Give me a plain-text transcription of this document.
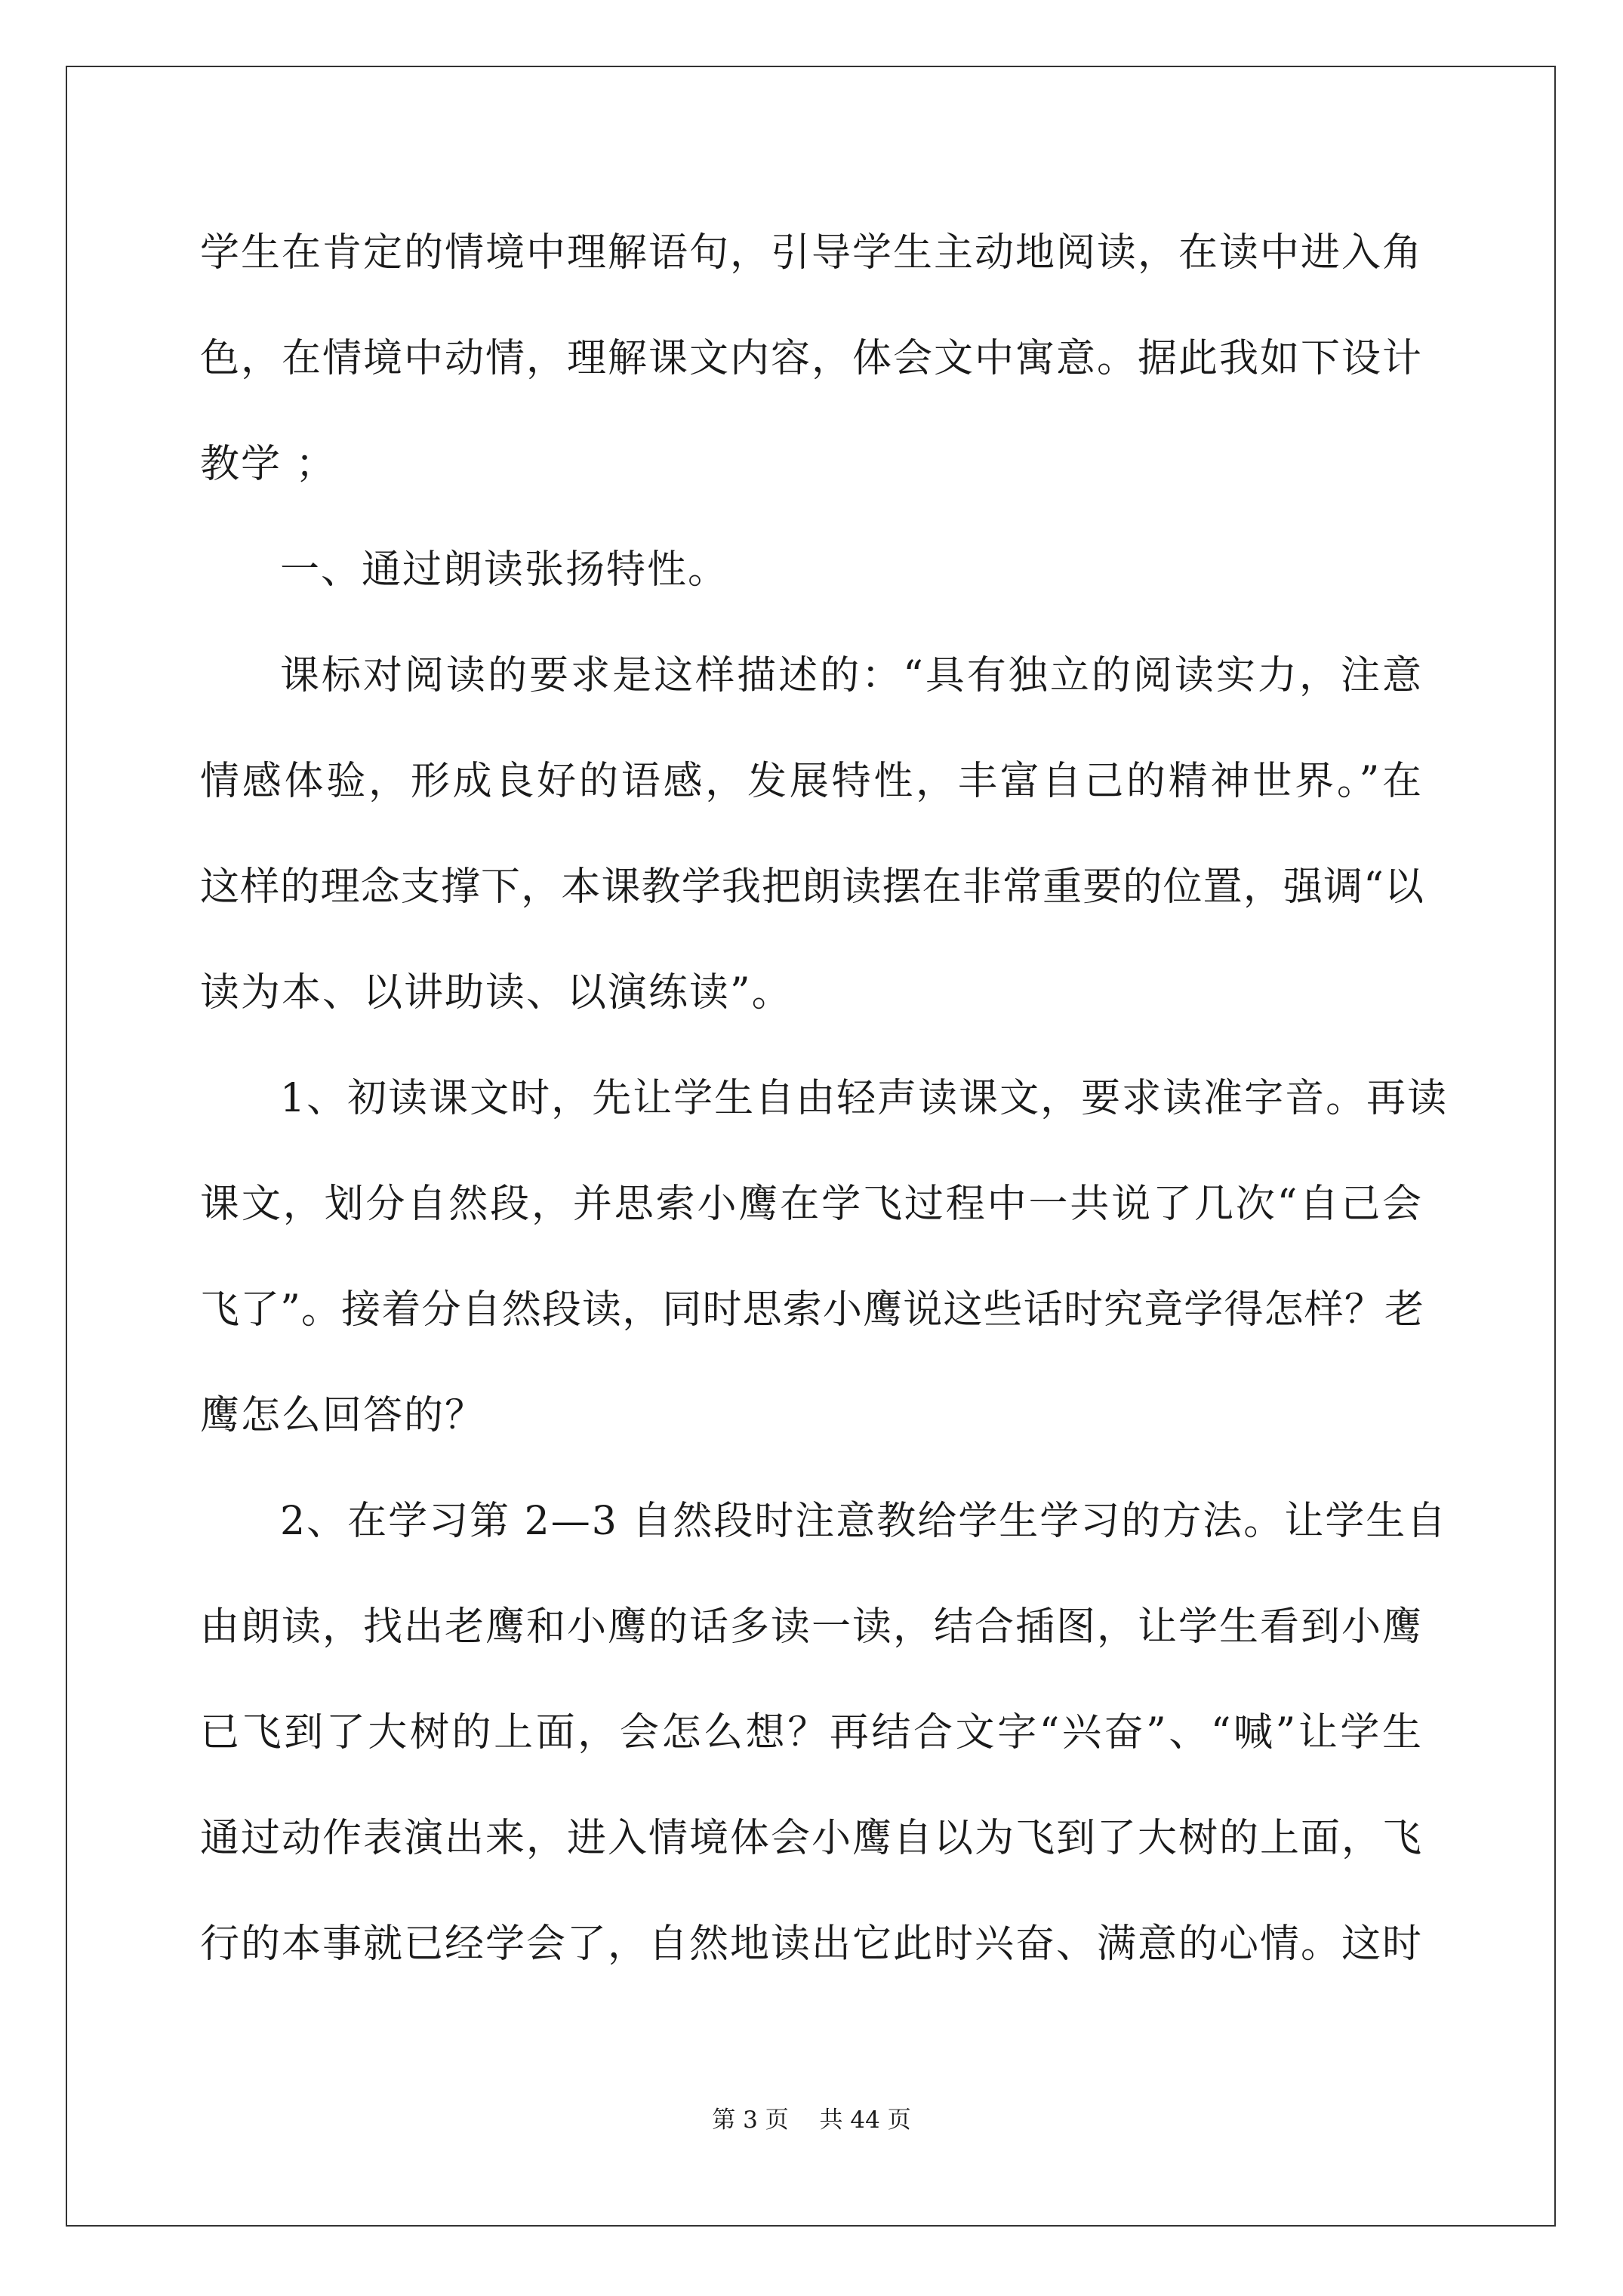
学生在肯定的情境中理解语句，引导学生主动地阅读，在读中进入角
色，在情境中动情，理解课文内容，体会文中寓意。据此我如下设计
教学 ；
一、通过朗读张扬特性。
课标对阅读的要求是这样描述的：“具有独立的阅读实力，注意
情感体验，形成良好的语感，发展特性，丰富自己的精神世界。”在
这样的理念支撑下，本课教学我把朗读摆在非常重要的位置，强调“以
读为本、以讲助读、以演练读”。
1、初读课文时，先让学生自由轻声读课文，要求读准字音。再读
课文，划分自然段，并思索小鹰在学飞过程中一共说了几次“自己会
飞了”。接着分自然段读，同时思索小鹰说这些话时究竟学得怎样？老
鹰怎么回答的？
2、在学习第 2—3 自然段时注意教给学生学习的方法。让学生自
由朗读，找出老鹰和小鹰的话多读一读，结合插图，让学生看到小鹰
已飞到了大树的上面，会怎么想？再结合文字“兴奋”、“喊”让学生
通过动作表演出来，进入情境体会小鹰自以为飞到了大树的上面，飞
行的本事就已经学会了，自然地读出它此时兴奋、满意的心情。这时
第 3 页　 共 44 页
